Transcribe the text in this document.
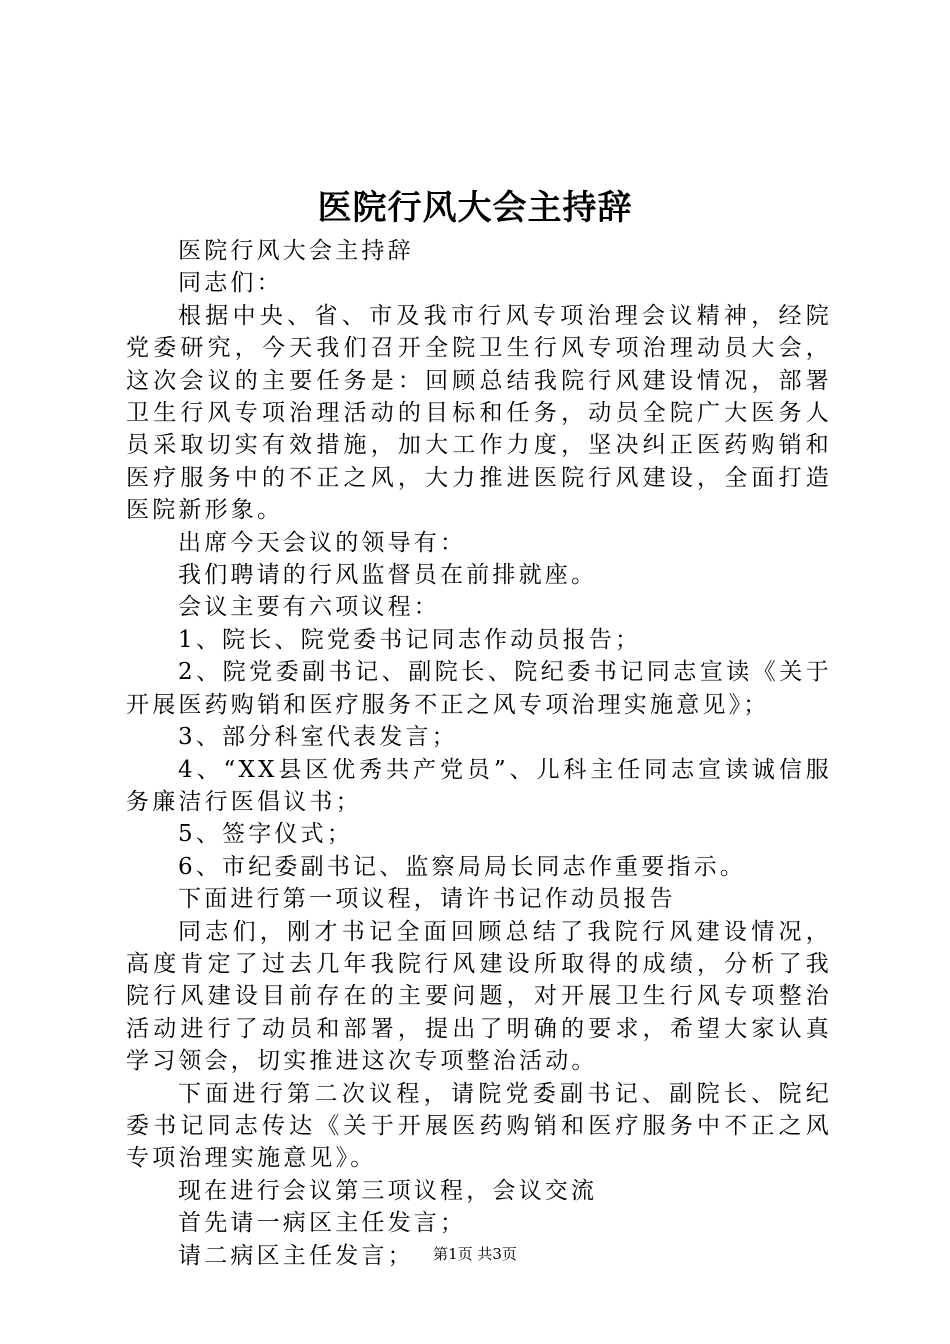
医院行风大会主持辞

医院行风大会主持辞

同志们：

根据中央、省、市及我市行风专项治理会议精神，经院党委研究，今天我们召开全院卫生行风专项治理动员大会，这次会议的主要任务是：回顾总结我院行风建设情况，部署卫生行风专项治理活动的目标和任务，动员全院广大医务人员采取切实有效措施，加大工作力度，坚决纠正医药购销和医疗服务中的不正之风，大力推进医院行风建设，全面打造医院新形象。

出席今天会议的领导有：

我们聘请的行风监督员在前排就座。

会议主要有六项议程：

1、院长、院党委书记同志作动员报告；

2、院党委副书记、副院长、院纪委书记同志宣读《关于开展医药购销和医疗服务不正之风专项治理实施意见》；

3、部分科室代表发言；

4、“XX县区优秀共产党员”、儿科主任同志宣读诚信服务廉洁行医倡议书；

5、签字仪式；

6、市纪委副书记、监察局局长同志作重要指示。

下面进行第一项议程，请许书记作动员报告

同志们，刚才书记全面回顾总结了我院行风建设情况，高度肯定了过去几年我院行风建设所取得的成绩，分析了我院行风建设目前存在的主要问题，对开展卫生行风专项整治活动进行了动员和部署，提出了明确的要求，希望大家认真学习领会，切实推进这次专项整治活动。

下面进行第二次议程，请院党委副书记、副院长、院纪委书记同志传达《关于开展医药购销和医疗服务中不正之风专项治理实施意见》。

现在进行会议第三项议程，会议交流

首先请一病区主任发言；

请二病区主任发言；	第1页 共3页
